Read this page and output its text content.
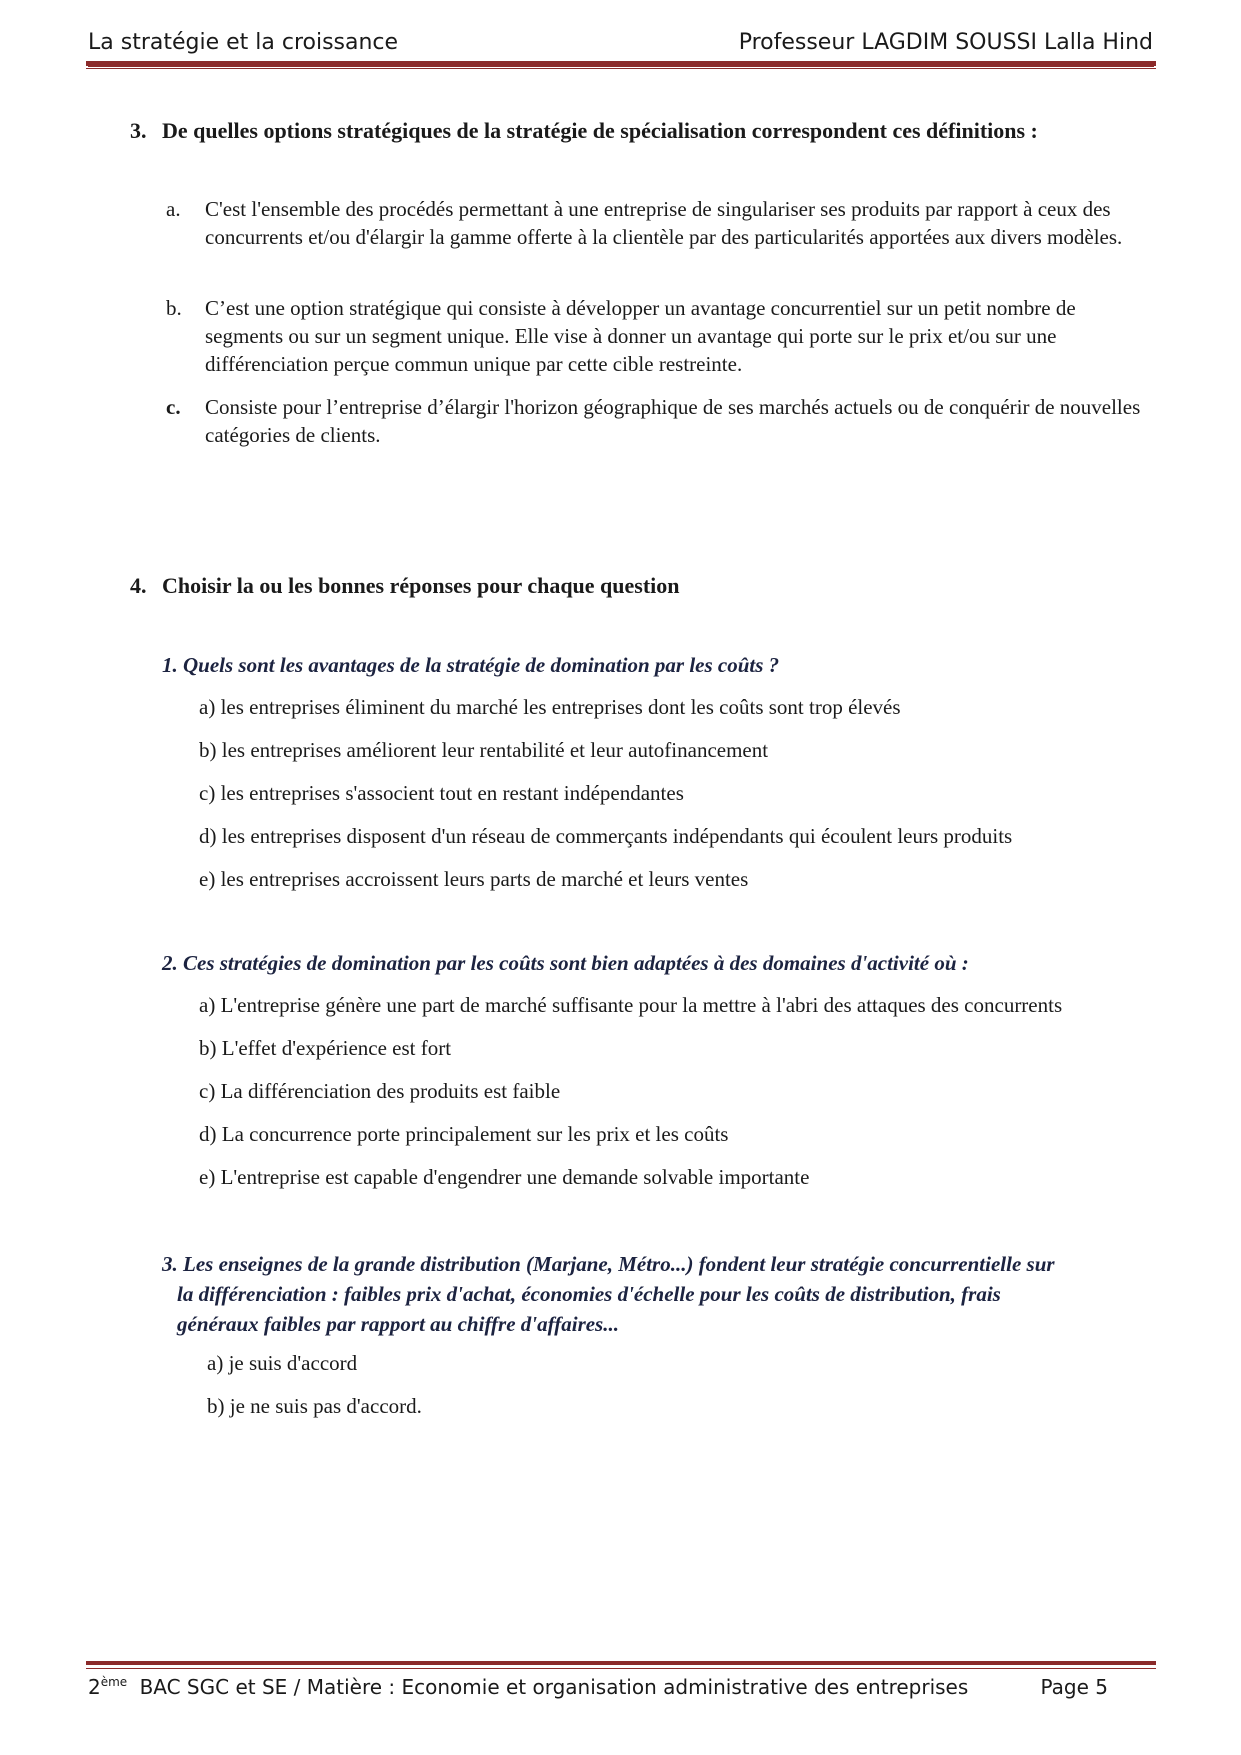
La stratégie et la croissance	Professeur LAGDIM SOUSSI Lalla Hind
3. De quelles options stratégiques de la stratégie de spécialisation correspondent ces définitions :
a. C'est l'ensemble des procédés permettant à une entreprise de singulariser ses produits par rapport à ceux des concurrents et/ou d'élargir la gamme offerte à la clientèle par des particularités apportées aux divers modèles.
b. C’est une option stratégique qui consiste à développer un avantage concurrentiel sur un petit nombre de segments ou sur un segment unique. Elle vise à donner un avantage qui porte sur le prix et/ou sur une différenciation perçue commun unique par cette cible restreinte.
c. Consiste pour l’entreprise d’élargir l'horizon géographique de ses marchés actuels ou de conquérir de nouvelles catégories de clients.
4. Choisir la ou les bonnes réponses pour chaque question
1. Quels sont les avantages de la stratégie de domination par les coûts ?
a) les entreprises éliminent du marché les entreprises dont les coûts sont trop élevés
b) les entreprises améliorent leur rentabilité et leur autofinancement
c) les entreprises s'associent tout en restant indépendantes
d) les entreprises disposent d'un réseau de commerçants indépendants qui écoulent leurs produits
e) les entreprises accroissent leurs parts de marché et leurs ventes
2. Ces stratégies de domination par les coûts sont bien adaptées à des domaines d'activité où :
a) L'entreprise génère une part de marché suffisante pour la mettre à l'abri des attaques des concurrents
b) L'effet d'expérience est fort
c) La différenciation des produits est faible
d) La concurrence porte principalement sur les prix et les coûts
e) L'entreprise est capable d'engendrer une demande solvable importante
3. Les enseignes de la grande distribution (Marjane, Métro...) fondent leur stratégie concurrentielle sur
la différenciation : faibles prix d'achat, économies d'échelle pour les coûts de distribution, frais
généraux faibles par rapport au chiffre d'affaires...
a) je suis d'accord
b) je ne suis pas d'accord.
2ème BAC SGC et SE / Matière : Economie et organisation administrative des entreprises	Page 5
